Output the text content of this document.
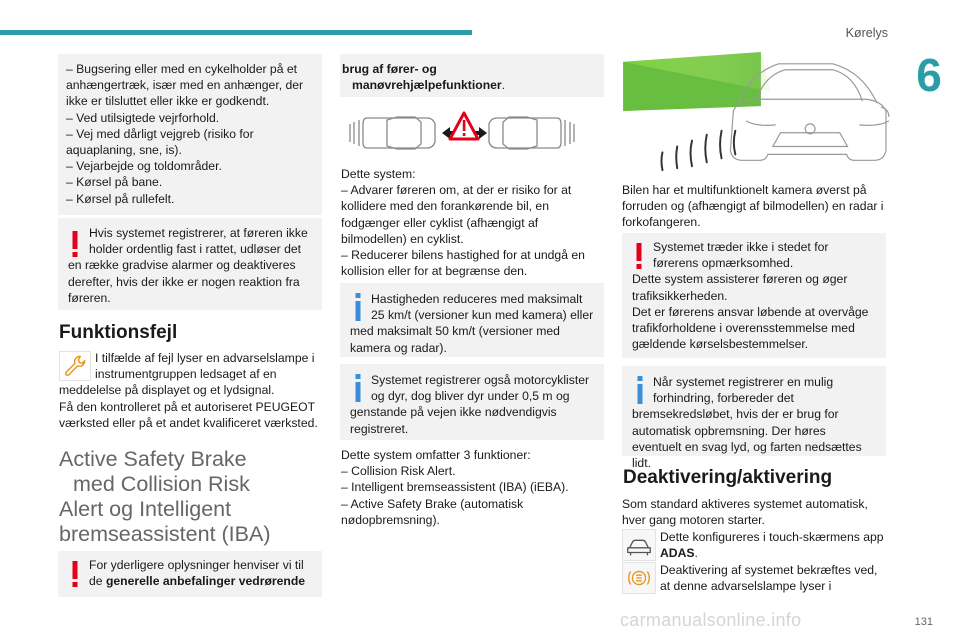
Kørelys
6

– Bugsering eller med en cykelholder på et anhængertræk, især med en anhænger, der ikke er tilsluttet eller ikke er godkendt.

– Ved utilsigtede vejrforhold.

– Vej med dårligt vejgreb (risiko for aquaplaning, sne, is).

– Vejarbejde og toldområder.

– Kørsel på bane.

– Kørsel på rullefelt.

Hvis systemet registrerer, at føreren ikke

holder ordentlig fast i rattet, udløser det

en række gradvise alarmer og deaktiveres derefter, hvis der ikke er nogen reaktion fra føreren.

Funktionsfejl

I tilfælde af fejl lyser en advarselslampe i

instrumentgruppen ledsaget af en

meddelelse på displayet og et lydsignal.

Få den kontrolleret på et autoriseret PEUGEOT værksted eller på et andet kvalificeret værksted.

Active Safety Brake
med Collision Risk
Alert og Intelligent
bremseassistent (IBA)

For yderligere oplysninger henviser vi til

de generelle anbefalinger vedrørende

brug af fører- og

manøvrehjælpefunktioner.

Dette system:

– Advarer føreren om, at der er risiko for at kollidere med den forankørende bil, en fodgænger eller cyklist (afhængigt af bilmodellen) en cyklist.

– Reducerer bilens hastighed for at undgå en kollision eller for at begrænse den.

Hastigheden reduceres med maksimalt

25 km/t (versioner kun med kamera) eller

med maksimalt 50 km/t (versioner med kamera og radar).

Systemet registrerer også motorcyklister

og dyr, dog bliver dyr under 0,5 m og

genstande på vejen ikke nødvendigvis registreret.

Dette system omfatter 3 funktioner:

– Collision Risk Alert.

– Intelligent bremseassistent (IBA) (iEBA).

– Active Safety Brake (automatisk nødopbremsning).

Bilen har et multifunktionelt kamera øverst på forruden og (afhængigt af bilmodellen) en radar i forkofangeren.

Systemet træder ikke i stedet for

førerens opmærksomhed.

Dette system assisterer føreren og øger trafiksikkerheden.

Det er førerens ansvar løbende at overvåge trafikforholdene i overensstemmelse med gældende kørselsbestemmelser.

Når systemet registrerer en mulig

forhindring, forbereder det

bremsekredsløbet, hvis der er brug for automatisk opbremsning. Der høres eventuelt en svag lyd, og farten nedsættes lidt.

Deaktivering/aktivering

Som standard aktiveres systemet automatisk, hver gang motoren starter.

Dette konfigureres i touch-skærmens app

ADAS.

Deaktivering af systemet bekræftes ved,

at denne advarselslampe lyser i

carmanualsonline.info	131
